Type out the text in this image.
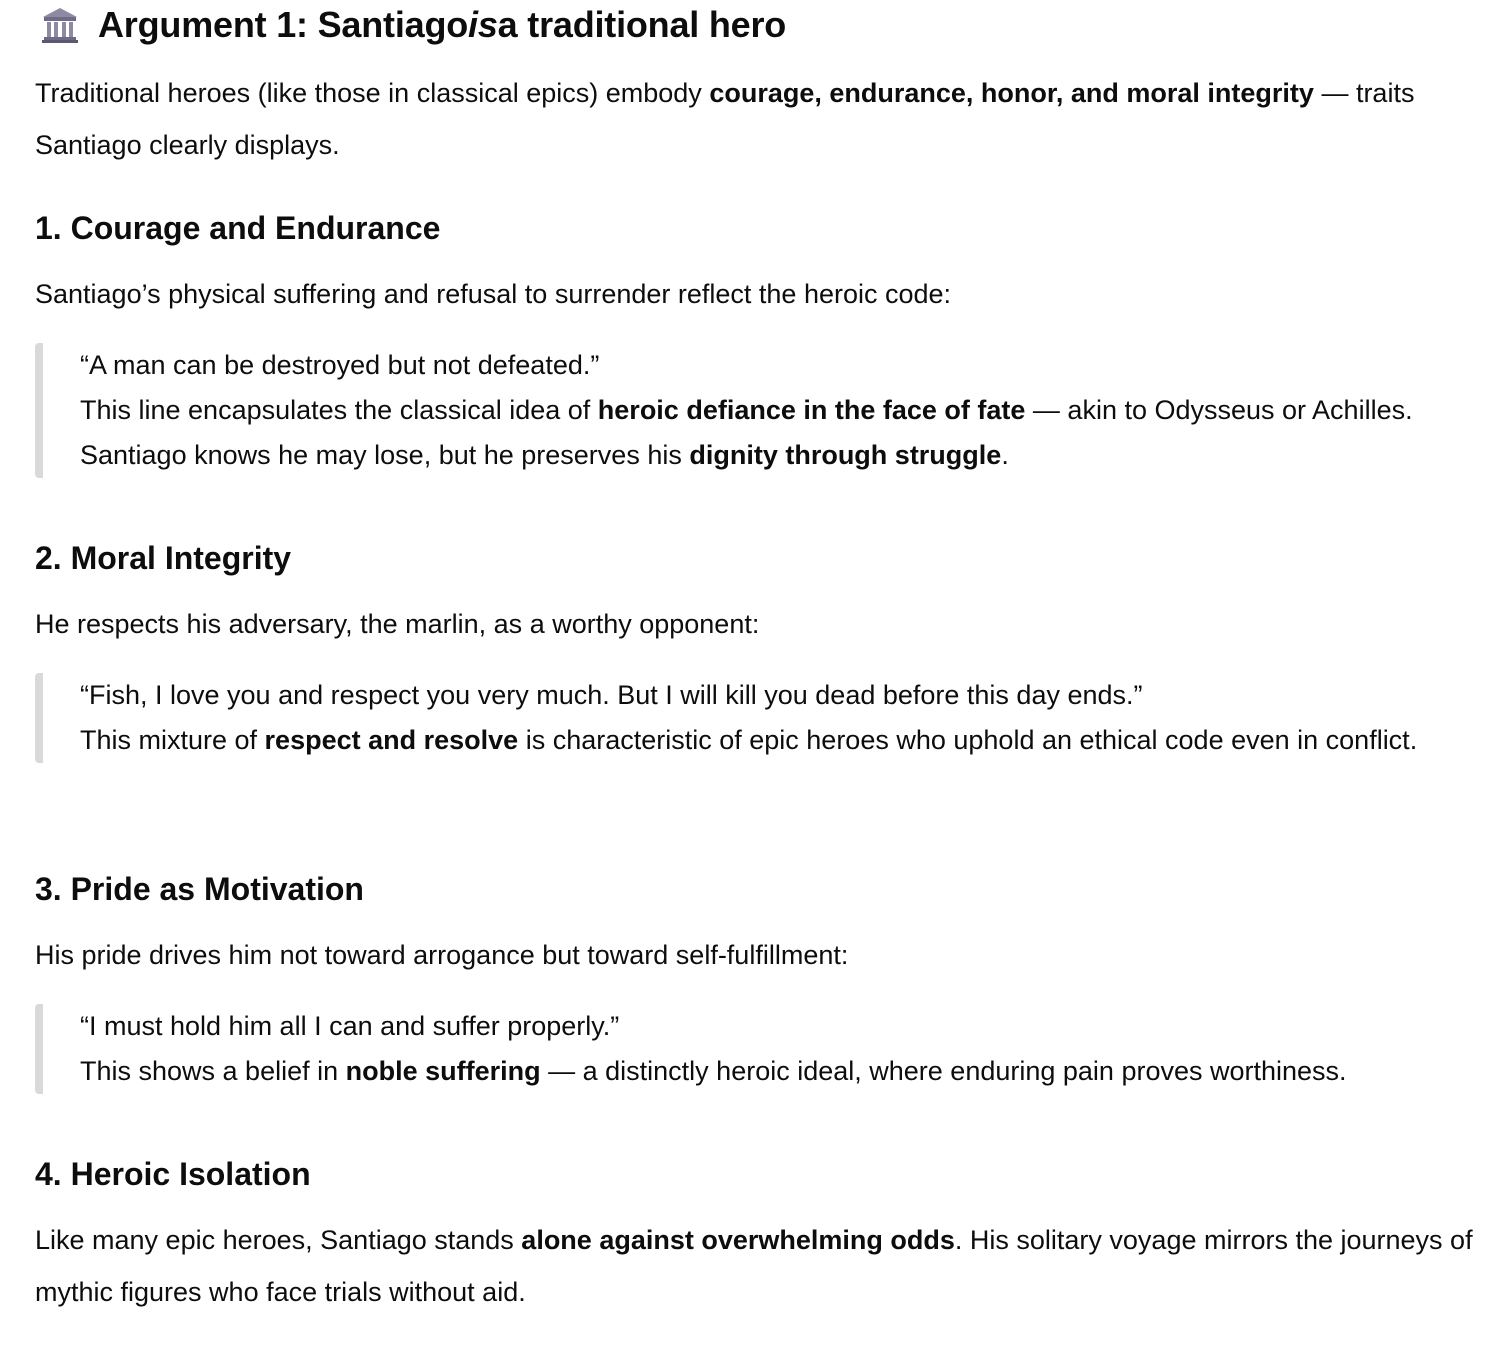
Argument 1: Santiago is a traditional hero

Traditional heroes (like those in classical epics) embody courage, endurance, honor, and moral integrity — traits Santiago clearly displays.

1. Courage and Endurance

Santiago’s physical suffering and refusal to surrender reflect the heroic code:

“A man can be destroyed but not defeated.”
This line encapsulates the classical idea of heroic defiance in the face of fate — akin to Odysseus or Achilles. Santiago knows he may lose, but he preserves his dignity through struggle.
2. Moral Integrity

He respects his adversary, the marlin, as a worthy opponent:

“Fish, I love you and respect you very much. But I will kill you dead before this day ends.”
This mixture of respect and resolve is characteristic of epic heroes who uphold an ethical code even in conflict.
3. Pride as Motivation

His pride drives him not toward arrogance but toward self-fulfillment:

“I must hold him all I can and suffer properly.”
This shows a belief in noble suffering — a distinctly heroic ideal, where enduring pain proves worthiness.
4. Heroic Isolation

Like many epic heroes, Santiago stands alone against overwhelming odds. His solitary voyage mirrors the journeys of mythic figures who face trials without aid.
